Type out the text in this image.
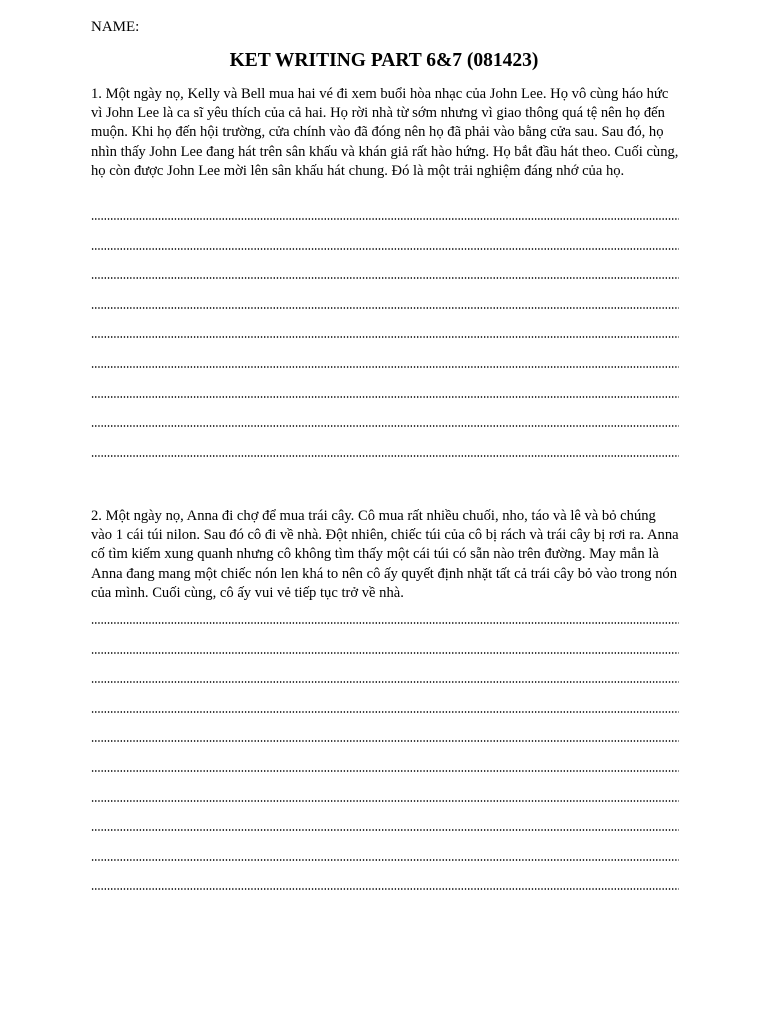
NAME:
KET WRITING PART 6&7 (081423)

1. Một ngày nọ, Kelly và Bell mua hai vé đi xem buổi hòa nhạc của John Lee. Họ vô cùng háo hức vì John Lee là ca sĩ yêu thích của cả hai. Họ rời nhà từ sớm nhưng vì giao thông quá tệ nên họ đến muộn. Khi họ đến hội trường, cửa chính vào đã đóng nên họ đã phải vào bằng cửa sau. Sau đó, họ nhìn thấy John Lee đang hát trên sân khấu và khán giả rất hào hứng. Họ bắt đầu hát theo. Cuối cùng, họ còn được John Lee mời lên sân khấu hát chung. Đó là một trải nghiệm đáng nhớ của họ.

2. Một ngày nọ, Anna đi chợ để mua trái cây. Cô mua rất nhiều chuối, nho, táo và lê và bỏ chúng vào 1 cái túi nilon. Sau đó cô đi về nhà. Đột nhiên, chiếc túi của cô bị rách và trái cây bị rơi ra. Anna cố tìm kiếm xung quanh nhưng cô không tìm thấy một cái túi có sẵn nào trên đường. May mắn là Anna đang mang một chiếc nón len khá to nên cô ấy quyết định nhặt tất cả trái cây bỏ vào trong nón của mình. Cuối cùng, cô ấy vui vẻ tiếp tục trở về nhà.
